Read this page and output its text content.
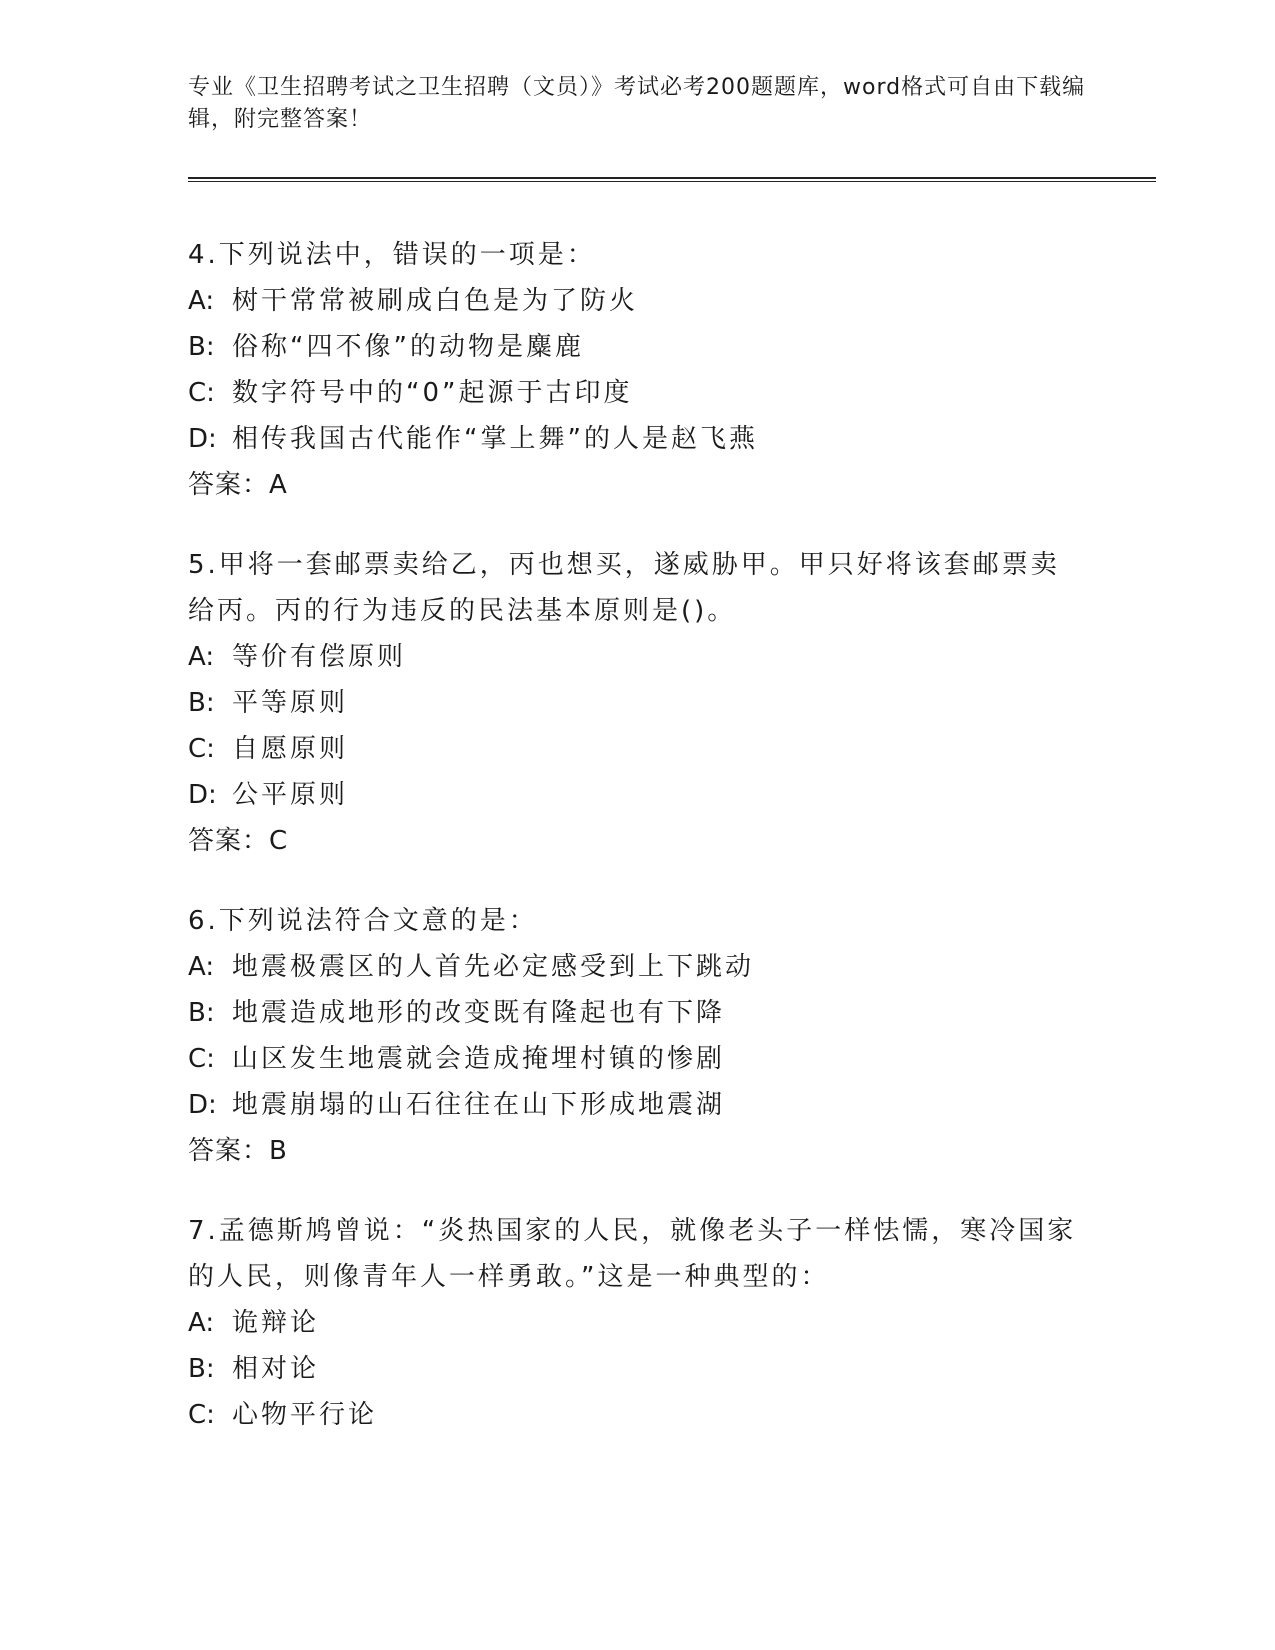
专业《卫生招聘考试之卫生招聘（文员）》考试必考200题题库，word格式可自由下载编辑，附完整答案！

4.下列说法中，错误的一项是：

A: 树干常常被刷成白色是为了防火

B: 俗称“四不像”的动物是麋鹿

C: 数字符号中的“0”起源于古印度

D: 相传我国古代能作“掌上舞”的人是赵飞燕

答案：A

5.甲将一套邮票卖给乙，丙也想买，遂威胁甲。甲只好将该套邮票卖给丙。丙的行为违反的民法基本原则是()。

A: 等价有偿原则

B: 平等原则

C: 自愿原则

D: 公平原则

答案：C

6.下列说法符合文意的是：

A: 地震极震区的人首先必定感受到上下跳动

B: 地震造成地形的改变既有隆起也有下降

C: 山区发生地震就会造成掩埋村镇的惨剧

D: 地震崩塌的山石往往在山下形成地震湖

答案：B

7.孟德斯鸠曾说：“炎热国家的人民，就像老头子一样怯懦，寒冷国家的人民，则像青年人一样勇敢。”这是一种典型的：

A: 诡辩论

B: 相对论

C: 心物平行论
